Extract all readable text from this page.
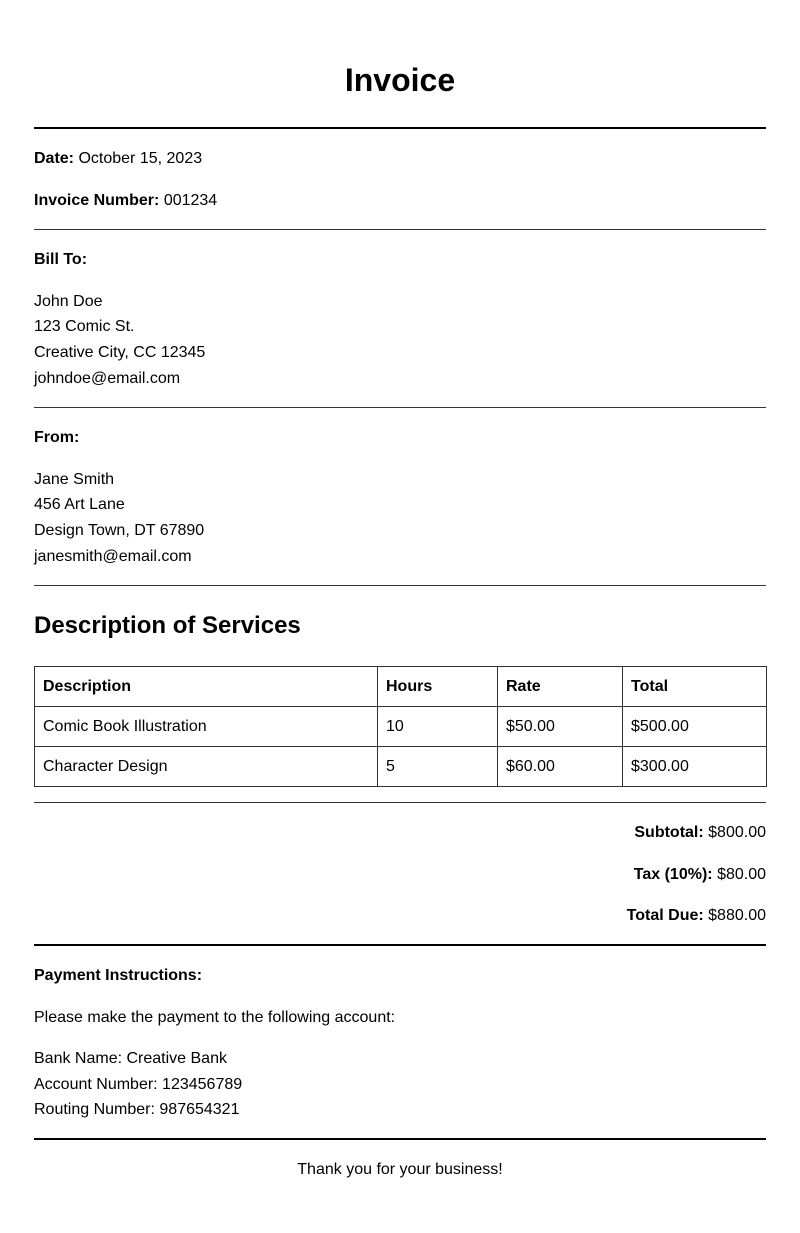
Invoice
Date: October 15, 2023
Invoice Number: 001234
Bill To:
John Doe
123 Comic St.
Creative City, CC 12345
johndoe@email.com
From:
Jane Smith
456 Art Lane
Design Town, DT 67890
janesmith@email.com
Description of Services
Description	Hours	Rate	Total
Comic Book Illustration	10	$50.00	$500.00
Character Design	5	$60.00	$300.00
Subtotal: $800.00
Tax (10%): $80.00
Total Due: $880.00
Payment Instructions:
Please make the payment to the following account:
Bank Name: Creative Bank
Account Number: 123456789
Routing Number: 987654321
Thank you for your business!
